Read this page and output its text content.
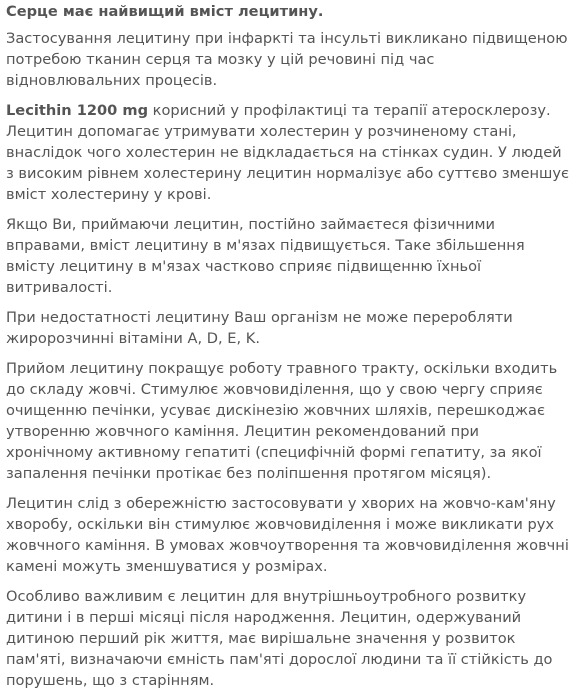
Серце має найвищий вміст лецитину.

Застосування лецитину при інфаркті та інсульті викликано підвищеною потребою тканин серця та мозку у цій речовині під час відновлювальних процесів.

Lecithin 1200 mg корисний у профілактиці та терапії атеросклерозу. Лецитин допомагає утримувати холестерин у розчиненому стані, внаслідок чого холестерин не відкладається на стінках судин. У людей з високим рівнем холестерину лецитин нормалізує або суттєво зменшує вміст холестерину у крові.

Якщо Ви, приймаючи лецитин, постійно займаєтеся фізичними вправами, вміст лецитину в м'язах підвищується. Таке збільшення вмісту лецитину в м'язах частково сприяє підвищенню їхньої витривалості.

При недостатності лецитину Ваш організм не може переробляти жиророзчинні вітаміни A, D, E, K.

Прийом лецитину покращує роботу травного тракту, оскільки входить до складу жовчі. Стимулює жовчовиділення, що у свою чергу сприяє очищенню печінки, усуває дискінезію жовчних шляхів, перешкоджає утворенню жовчного каміння. Лецитин рекомендований при хронічному активному гепатиті (специфічній формі гепатиту, за якої запалення печінки протікає без поліпшення протягом місяця).

Лецитин слід з обережністю застосовувати у хворих на жовчо-кам'яну хворобу, оскільки він стимулює жовчовиділення і може викликати рух жовчного каміння. В умовах жовчоутворення та жовчовиділення жовчні камені можуть зменшуватися у розмірах.

Особливо важливим є лецитин для внутрішньоутробного розвитку дитини і в перші місяці після народження. Лецитин, одержуваний дитиною перший рік життя, має вирішальне значення у розвиток пам'яті, визначаючи ємність пам'яті дорослої людини та її стійкість до порушень, що з старінням.
